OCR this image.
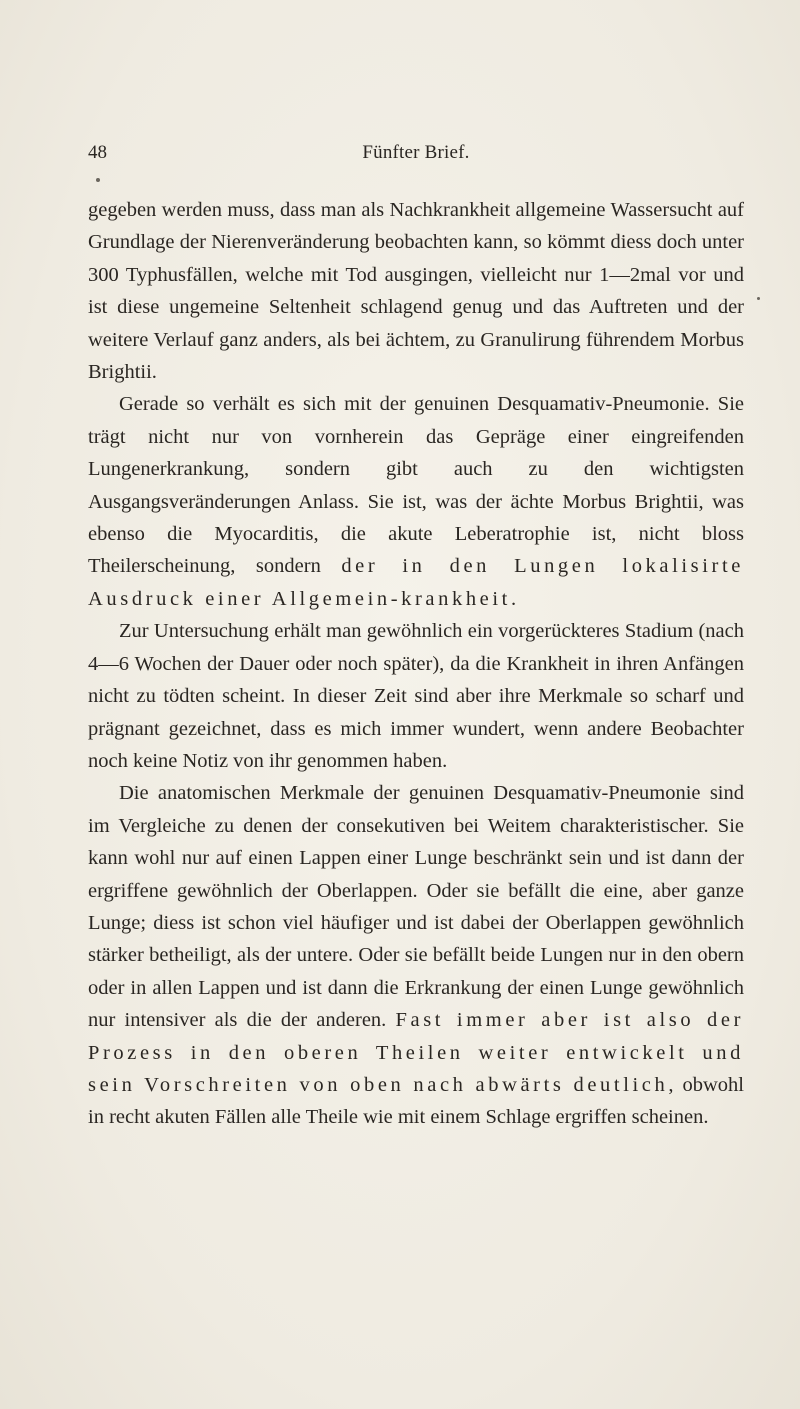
48	Fünfter Brief.

gegeben werden muss, dass man als Nachkrankheit allgemeine Wassersucht auf Grundlage der Nierenveränderung beobachten kann, so kömmt diess doch unter 300 Typhusfällen, welche mit Tod ausgingen, vielleicht nur 1—2mal vor und ist diese ungemeine Seltenheit schlagend genug und das Auftreten und der weitere Verlauf ganz anders, als bei ächtem, zu Granulirung führendem Morbus Brightii.

Gerade so verhält es sich mit der genuinen Desquamativ-Pneumonie. Sie trägt nicht nur von vornherein das Gepräge einer eingreifenden Lungenerkrankung, sondern gibt auch zu den wichtigsten Ausgangsveränderungen Anlass. Sie ist, was der ächte Morbus Brightii, was ebenso die Myocarditis, die akute Leberatrophie ist, nicht bloss Theilerscheinung, sondern der in den Lungen lokalisirte Ausdruck einer Allgemein-krankheit.

Zur Untersuchung erhält man gewöhnlich ein vorgerückteres Stadium (nach 4—6 Wochen der Dauer oder noch später), da die Krankheit in ihren Anfängen nicht zu tödten scheint. In dieser Zeit sind aber ihre Merkmale so scharf und prägnant gezeichnet, dass es mich immer wundert, wenn andere Beobachter noch keine Notiz von ihr genommen haben.

Die anatomischen Merkmale der genuinen Desquamativ-Pneumonie sind im Vergleiche zu denen der consekutiven bei Weitem charakteristischer. Sie kann wohl nur auf einen Lappen einer Lunge beschränkt sein und ist dann der ergriffene gewöhnlich der Oberlappen. Oder sie befällt die eine, aber ganze Lunge; diess ist schon viel häufiger und ist dabei der Oberlappen gewöhnlich stärker betheiligt, als der untere. Oder sie befällt beide Lungen nur in den obern oder in allen Lappen und ist dann die Erkrankung der einen Lunge gewöhnlich nur intensiver als die der anderen. Fast immer aber ist also der Prozess in den oberen Theilen weiter entwickelt und sein Vorschreiten von oben nach abwärts deutlich, obwohl in recht akuten Fällen alle Theile wie mit einem Schlage ergriffen scheinen.
